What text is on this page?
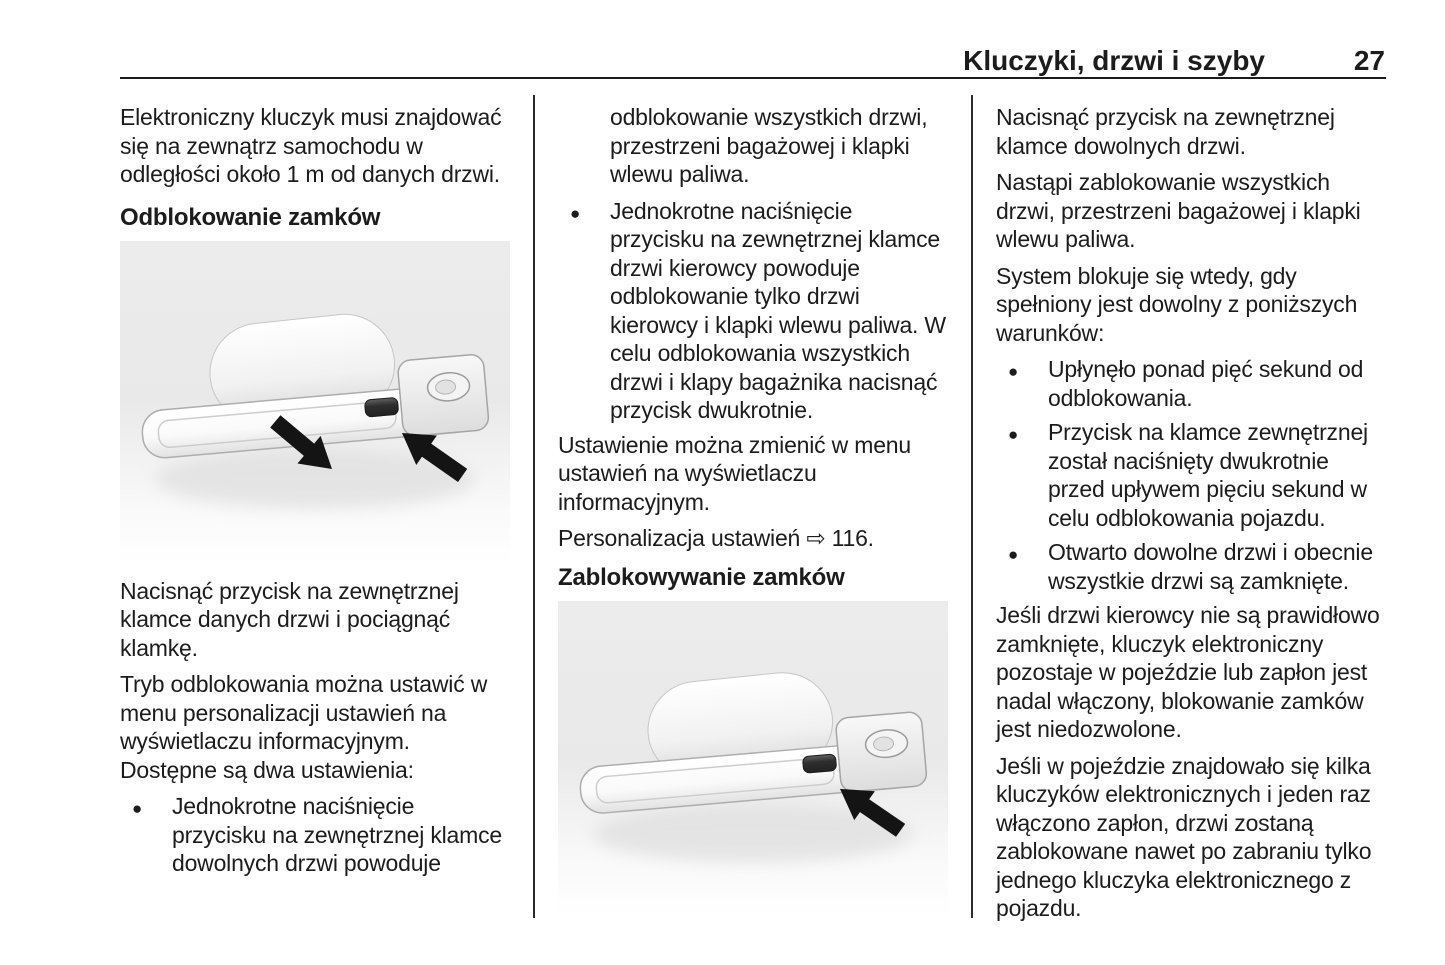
Kluczyki, drzwi i szyby	27

Elektroniczny kluczyk musi znajdować się na zewnątrz samochodu w odległości około 1 m od danych drzwi.

Odblokowanie zamków

Nacisnąć przycisk na zewnętrznej klamce danych drzwi i pociągnąć klamkę.

Tryb odblokowania można ustawić w menu personalizacji ustawień na wyświetlaczu informacyjnym. Dostępne są dwa ustawienia:

● Jednokrotne naciśnięcie przycisku na zewnętrznej klamce dowolnych drzwi powoduje

odblokowanie wszystkich drzwi, przestrzeni bagażowej i klapki wlewu paliwa.

● Jednokrotne naciśnięcie przycisku na zewnętrznej klamce drzwi kierowcy powoduje odblokowanie tylko drzwi kierowcy i klapki wlewu paliwa. W celu odblokowania wszystkich drzwi i klapy bagażnika nacisnąć przycisk dwukrotnie.

Ustawienie można zmienić w menu ustawień na wyświetlaczu informacyjnym.

Personalizacja ustawień ⇨ 116.

Zablokowywanie zamków

Nacisnąć przycisk na zewnętrznej klamce dowolnych drzwi.

Nastąpi zablokowanie wszystkich drzwi, przestrzeni bagażowej i klapki wlewu paliwa.

System blokuje się wtedy, gdy spełniony jest dowolny z poniższych warunków:

● Upłynęło ponad pięć sekund od odblokowania.
● Przycisk na klamce zewnętrznej został naciśnięty dwukrotnie przed upływem pięciu sekund w celu odblokowania pojazdu.
● Otwarto dowolne drzwi i obecnie wszystkie drzwi są zamknięte.

Jeśli drzwi kierowcy nie są prawidłowo zamknięte, kluczyk elektroniczny pozostaje w pojeździe lub zapłon jest nadal włączony, blokowanie zamków jest niedozwolone.

Jeśli w pojeździe znajdowało się kilka kluczyków elektronicznych i jeden raz włączono zapłon, drzwi zostaną zablokowane nawet po zabraniu tylko jednego kluczyka elektronicznego z pojazdu.
